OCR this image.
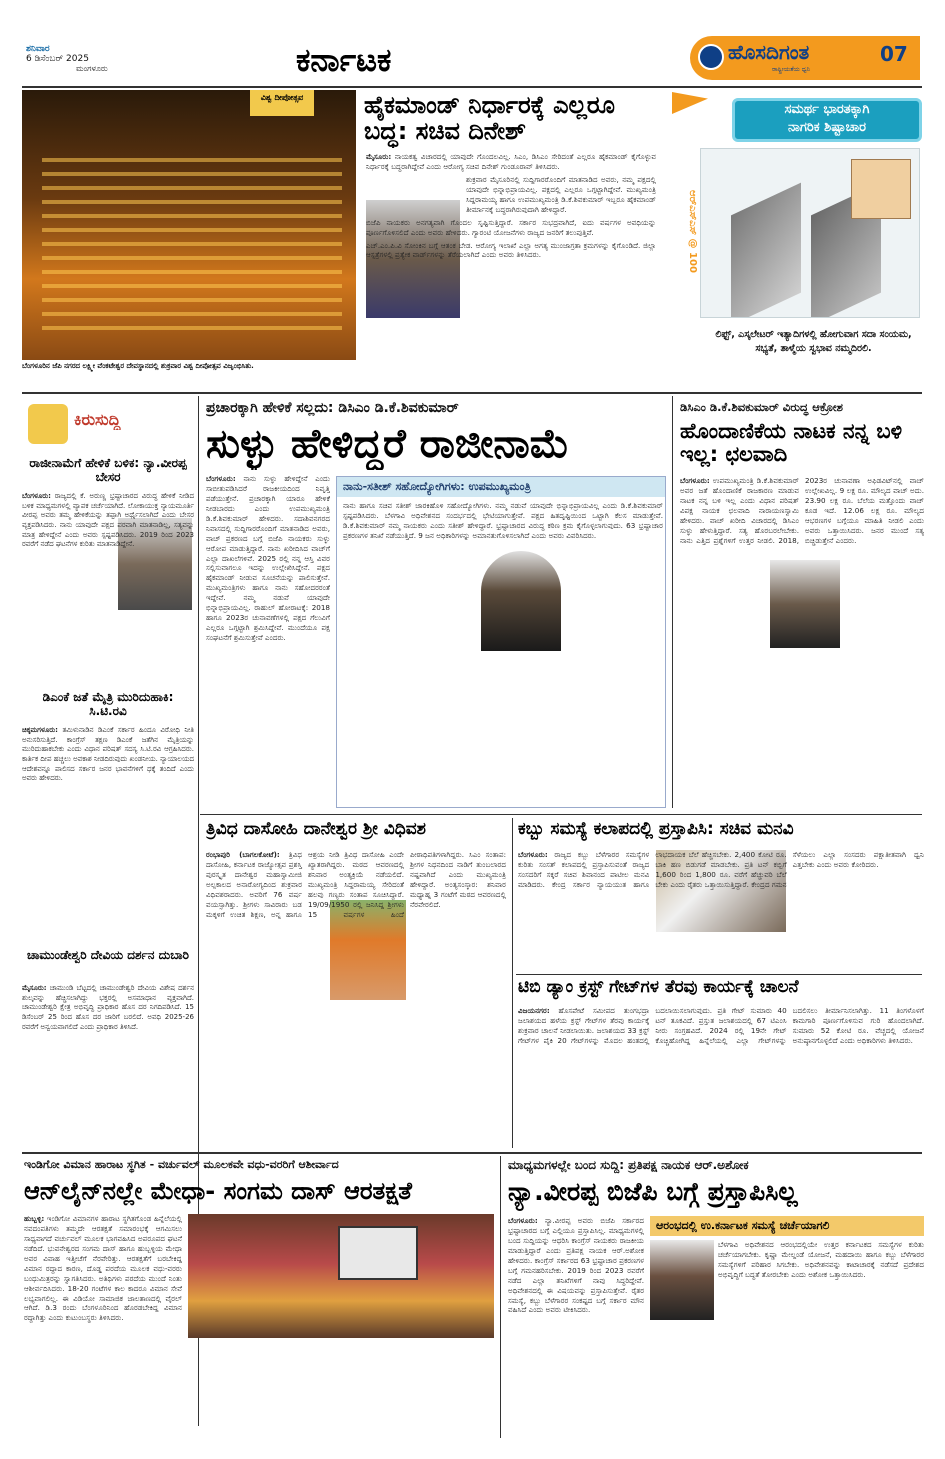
ಶನಿವಾರ
6 ಡಿಸೆಂಬರ್ 2025
ಮಂಗಳೂರು	ಕರ್ನಾಟಕ	ಹೊಸದಿಗಂತ
ರಾಷ್ಟ್ರೀಯತೆಯ ಧ್ವನಿ
07
ವಿಶ್ವ ದೀಪೋತ್ಸವ
ಬೆಂಗಳೂರಿನ ಜೆಪಿ ನಗರದ ಲಕ್ಷ್ಮೀ ವೆಂಕಟೇಶ್ವರ ದೇವಸ್ಥಾನದಲ್ಲಿ ಶುಕ್ರವಾರ ವಿಶ್ವ ದೀಪೋತ್ಸವ ವಿಜೃಂಭಿಸಿತು.
ಹೈಕಮಾಂಡ್ ನಿರ್ಧಾರಕ್ಕೆ ಎಲ್ಲರೂ ಬದ್ಧ: ಸಚಿವ ದಿನೇಶ್

ಮೈಸೂರು: ನಾಯಕತ್ವ ವಿಚಾರದಲ್ಲಿ ಯಾವುದೇ ಗೊಂದಲವಿಲ್ಲ. ಸಿಎಂ, ಡಿಸಿಎಂ ಸೇರಿದಂತೆ ಎಲ್ಲರೂ ಹೈಕಮಾಂಡ್ ಕೈಗೊಳ್ಳುವ ನಿರ್ಧಾರಕ್ಕೆ ಬದ್ಧರಾಗಿದ್ದೇವೆ ಎಂದು ಆರೋಗ್ಯ ಸಚಿವ ದಿನೇಶ್ ಗುಂಡೂರಾವ್ ತಿಳಿಸಿದರು.

ಶುಕ್ರವಾರ ಮೈಸೂರಿನಲ್ಲಿ ಸುದ್ದಿಗಾರರೊಂದಿಗೆ ಮಾತನಾಡಿದ ಅವರು, ನಮ್ಮ ಪಕ್ಷದಲ್ಲಿ ಯಾವುದೇ ಭಿನ್ನಾಭಿಪ್ರಾಯವಿಲ್ಲ. ಪಕ್ಷದಲ್ಲಿ ಎಲ್ಲರೂ ಒಗ್ಗಟ್ಟಾಗಿದ್ದೇವೆ. ಮುಖ್ಯಮಂತ್ರಿ ಸಿದ್ದರಾಮಯ್ಯ ಹಾಗೂ ಉಪಮುಖ್ಯಮಂತ್ರಿ ಡಿ.ಕೆ.ಶಿವಕುಮಾರ್ ಇಬ್ಬರೂ ಹೈಕಮಾಂಡ್ ತೀರ್ಮಾನಕ್ಕೆ ಬದ್ಧರಾಗಿರುವುದಾಗಿ ಹೇಳಿದ್ದಾರೆ.

ಬಿಜೆಪಿ ನಾಯಕರು ಅನಗತ್ಯವಾಗಿ ಗೊಂದಲ ಸೃಷ್ಟಿಸುತ್ತಿದ್ದಾರೆ. ಸರ್ಕಾರ ಸುಭದ್ರವಾಗಿದೆ, ಐದು ವರ್ಷಗಳ ಅವಧಿಯನ್ನು ಪೂರ್ಣಗೊಳಿಸಲಿದೆ ಎಂದು ಅವರು ಹೇಳಿದರು. ಗ್ಯಾರಂಟಿ ಯೋಜನೆಗಳು ರಾಜ್ಯದ ಜನರಿಗೆ ತಲುಪುತ್ತಿವೆ.

ಎಚ್.ಎಂ.ಪಿ.ವಿ ಸೋಂಕಿನ ಬಗ್ಗೆ ಆತಂಕ ಬೇಡ. ಆರೋಗ್ಯ ಇಲಾಖೆ ಎಲ್ಲಾ ಅಗತ್ಯ ಮುಂಜಾಗ್ರತಾ ಕ್ರಮಗಳನ್ನು ಕೈಗೊಂಡಿದೆ. ಜಿಲ್ಲಾ ಆಸ್ಪತ್ರೆಗಳಲ್ಲಿ ಪ್ರತ್ಯೇಕ ವಾರ್ಡ್‌ಗಳನ್ನು ತೆರೆಯಲಾಗಿದೆ ಎಂದು ಅವರು ತಿಳಿಸಿದರು.

ಸಮರ್ಥ ಭಾರತಕ್ಕಾಗಿ
ನಾಗರಿಕ ಶಿಷ್ಟಾಚಾರ
ಆರ್‌ಎಸ್‌ಎಸ್ @ 100
ಲಿಫ್ಟ್, ಎಸ್ಕಲೇಟರ್ ಇತ್ಯಾದಿಗಳಲ್ಲಿ ಹೋಗುವಾಗ ಸದಾ ಸಂಯಮ, ಸಭ್ಯತೆ, ತಾಳ್ಮೆಯ ಸ್ವಭಾವ ನಮ್ಮದಿರಲಿ.
ಕಿರುಸುದ್ದಿ
ರಾಜೀನಾಮೆಗೆ ಹೇಳಿಕೆ ಬಳಿಕ: ನ್ಯಾ.ವೀರಪ್ಪ ಬೇಸರ
ಬೆಂಗಳೂರು: ರಾಜ್ಯದಲ್ಲಿ ಕೆ. ಅರುಣ್ಣ ಭ್ರಷ್ಟಾಚಾರದ ವಿರುದ್ಧ ಹೇಳಿಕೆ ನೀಡಿದ ಬಳಿಕ ಮಾಧ್ಯಮಗಳಲ್ಲಿ ವ್ಯಾಪಕ ಚರ್ಚೆಯಾಗಿದೆ. ಲೋಕಾಯುಕ್ತ ನ್ಯಾಯಮೂರ್ತಿ ವೀರಪ್ಪ ಅವರು ತಮ್ಮ ಹೇಳಿಕೆಯನ್ನು ತಪ್ಪಾಗಿ ಅರ್ಥೈಸಲಾಗಿದೆ ಎಂದು ಬೇಸರ ವ್ಯಕ್ತಪಡಿಸಿದರು. ನಾನು ಯಾವುದೇ ಪಕ್ಷದ ಪರವಾಗಿ ಮಾತನಾಡಿಲ್ಲ, ಸತ್ಯವನ್ನು ಮಾತ್ರ ಹೇಳಿದ್ದೇನೆ ಎಂದು ಅವರು ಸ್ಪಷ್ಟಪಡಿಸಿದರು. 2019 ರಿಂದ 2023 ರವರೆಗೆ ನಡೆದ ಘಟನೆಗಳ ಕುರಿತು ಮಾತನಾಡಿದ್ದೇನೆ.
ಡಿಎಂಕೆ ಜತೆ ಮೈತ್ರಿ ಮುರಿದುಹಾಕಿ: ಸಿ.ಟಿ.ರವಿ
ಚಿಕ್ಕಮಗಳೂರು: ತಮಿಳುನಾಡಿನ ಡಿಎಂಕೆ ಸರ್ಕಾರ ಹಿಂದೂ ವಿರೋಧಿ ನೀತಿ ಅನುಸರಿಸುತ್ತಿದೆ. ಕಾಂಗ್ರೆಸ್ ತಕ್ಷಣ ಡಿಎಂಕೆ ಜತೆಗಿನ ಮೈತ್ರಿಯನ್ನು ಮುರಿದುಹಾಕಬೇಕು ಎಂದು ವಿಧಾನ ಪರಿಷತ್ ಸದಸ್ಯ ಸಿ.ಟಿ.ರವಿ ಆಗ್ರಹಿಸಿದರು. ಕಾರ್ತಿಕ ದೀಪ ಹಚ್ಚಲು ಅವಕಾಶ ನೀಡದಿರುವುದು ಖಂಡನೀಯ. ನ್ಯಾಯಾಲಯದ ಆದೇಶವನ್ನೂ ಪಾಲಿಸದ ಸರ್ಕಾರ ಜನರ ಭಾವನೆಗಳಿಗೆ ಧಕ್ಕೆ ತಂದಿದೆ ಎಂದು ಅವರು ಹೇಳಿದರು.
ಚಾಮುಂಡೇಶ್ವರಿ ದೇವಿಯ ದರ್ಶನ ದುಬಾರಿ
ಮೈಸೂರು: ಚಾಮುಂಡಿ ಬೆಟ್ಟದಲ್ಲಿ ಚಾಮುಂಡೇಶ್ವರಿ ದೇವಿಯ ವಿಶೇಷ ದರ್ಶನ ಶುಲ್ಕವನ್ನು ಹೆಚ್ಚಿಸಲಾಗಿದ್ದು ಭಕ್ತರಲ್ಲಿ ಅಸಮಾಧಾನ ವ್ಯಕ್ತವಾಗಿದೆ. ಚಾಮುಂಡೇಶ್ವರಿ ಕ್ಷೇತ್ರ ಅಭಿವೃದ್ಧಿ ಪ್ರಾಧಿಕಾರ ಹೊಸ ದರ ನಿಗದಿಪಡಿಸಿದೆ. 15 ಡಿಸೆಂಬರ್ 25 ರಿಂದ ಹೊಸ ದರ ಜಾರಿಗೆ ಬರಲಿದೆ. ಅವಧಿ 2025-26 ರವರೆಗೆ ಅನ್ವಯವಾಗಲಿದೆ ಎಂದು ಪ್ರಾಧಿಕಾರ ತಿಳಿಸಿದೆ.
ಪ್ರಚಾರಕ್ಕಾಗಿ ಹೇಳಿಕೆ ಸಲ್ಲದು: ಡಿಸಿಎಂ ಡಿ.ಕೆ.ಶಿವಕುಮಾರ್
ಸುಳ್ಳು ಹೇಳಿದ್ದರೆ ರಾಜೀನಾಮೆ
ಬೆಂಗಳೂರು: ನಾನು ಸುಳ್ಳು ಹೇಳಿದ್ದೇನೆ ಎಂದು ಸಾಬೀತುಪಡಿಸಿದರೆ ರಾಜಕೀಯದಿಂದ ನಿವೃತ್ತಿ ಪಡೆಯುತ್ತೇನೆ. ಪ್ರಚಾರಕ್ಕಾಗಿ ಯಾರೂ ಹೇಳಿಕೆ ನೀಡಬಾರದು ಎಂದು ಉಪಮುಖ್ಯಮಂತ್ರಿ ಡಿ.ಕೆ.ಶಿವಕುಮಾರ್ ಹೇಳಿದರು. ಸದಾಶಿವನಗರದ ನಿವಾಸದಲ್ಲಿ ಸುದ್ದಿಗಾರರೊಂದಿಗೆ ಮಾತನಾಡಿದ ಅವರು, ವಾಚ್ ಪ್ರಕರಣದ ಬಗ್ಗೆ ಬಿಜೆಪಿ ನಾಯಕರು ಸುಳ್ಳು ಆರೋಪ ಮಾಡುತ್ತಿದ್ದಾರೆ. ನಾನು ಖರೀದಿಸಿದ ವಾಚ್‌ಗೆ ಎಲ್ಲಾ ದಾಖಲೆಗಳಿವೆ. 2025 ರಲ್ಲಿ ನನ್ನ ಆಸ್ತಿ ವಿವರ ಸಲ್ಲಿಸುವಾಗಲೂ ಇದನ್ನು ಉಲ್ಲೇಖಿಸಿದ್ದೇನೆ. ಪಕ್ಷದ ಹೈಕಮಾಂಡ್ ನೀಡುವ ಸೂಚನೆಯನ್ನು ಪಾಲಿಸುತ್ತೇನೆ. ಮುಖ್ಯಮಂತ್ರಿಗಳು ಹಾಗೂ ನಾನು ಸಹೋದರರಂತೆ ಇದ್ದೇವೆ. ನಮ್ಮ ನಡುವೆ ಯಾವುದೇ ಭಿನ್ನಾಭಿಪ್ರಾಯವಿಲ್ಲ. ರಾಹುಲ್ ಹೋರಾಟಕ್ಕೆ: 2018 ಹಾಗೂ 2023ರ ಚುನಾವಣೆಗಳಲ್ಲಿ ಪಕ್ಷದ ಗೆಲುವಿಗೆ ಎಲ್ಲರೂ ಒಗ್ಗಟ್ಟಾಗಿ ಶ್ರಮಿಸಿದ್ದೇವೆ. ಮುಂದೆಯೂ ಪಕ್ಷ ಸಂಘಟನೆಗೆ ಶ್ರಮಿಸುತ್ತೇವೆ ಎಂದರು.
ನಾನು-ಸತೀಶ್ ಸಹೋದ್ಯೋಗಿಗಳು: ಉಪಮುಖ್ಯಮಂತ್ರಿ
ನಾನು ಹಾಗೂ ಸಚಿವ ಸತೀಶ್ ಜಾರಕಿಹೊಳಿ ಸಹೋದ್ಯೋಗಿಗಳು. ನಮ್ಮ ನಡುವೆ ಯಾವುದೇ ಭಿನ್ನಾಭಿಪ್ರಾಯವಿಲ್ಲ ಎಂದು ಡಿ.ಕೆ.ಶಿವಕುಮಾರ್ ಸ್ಪಷ್ಟಪಡಿಸಿದರು. ಬೆಳಗಾವಿ ಅಧಿವೇಶನದ ಸಂದರ್ಭದಲ್ಲಿ ಭೇಟಿಯಾಗುತ್ತೇವೆ. ಪಕ್ಷದ ಹಿತದೃಷ್ಟಿಯಿಂದ ಒಟ್ಟಾಗಿ ಕೆಲಸ ಮಾಡುತ್ತೇವೆ. ಡಿ.ಕೆ.ಶಿವಕುಮಾರ್ ನಮ್ಮ ನಾಯಕರು ಎಂದು ಸತೀಶ್ ಹೇಳಿದ್ದಾರೆ. ಭ್ರಷ್ಟಾಚಾರದ ವಿರುದ್ಧ ಕಠಿಣ ಕ್ರಮ ಕೈಗೊಳ್ಳಲಾಗುವುದು. 63 ಭ್ರಷ್ಟಾಚಾರ ಪ್ರಕರಣಗಳ ತನಿಖೆ ನಡೆಯುತ್ತಿದೆ. 9 ಜನ ಅಧಿಕಾರಿಗಳನ್ನು ಅಮಾನತುಗೊಳಿಸಲಾಗಿದೆ ಎಂದು ಅವರು ವಿವರಿಸಿದರು.
ಡಿಸಿಎಂ ಡಿ.ಕೆ.ಶಿವಕುಮಾರ್ ವಿರುದ್ಧ ಆಕ್ರೋಶ
ಹೊಂದಾಣಿಕೆಯ ನಾಟಕ ನನ್ನ ಬಳಿ ಇಲ್ಲ: ಛಲವಾದಿ
ಬೆಂಗಳೂರು: ಉಪಮುಖ್ಯಮಂತ್ರಿ ಡಿ.ಕೆ.ಶಿವಕುಮಾರ್ ಅವರ ಜತೆ ಹೊಂದಾಣಿಕೆ ರಾಜಕಾರಣ ಮಾಡುವ ನಾಟಕ ನನ್ನ ಬಳಿ ಇಲ್ಲ ಎಂದು ವಿಧಾನ ಪರಿಷತ್ ವಿಪಕ್ಷ ನಾಯಕ ಛಲವಾದಿ ನಾರಾಯಣಸ್ವಾಮಿ ಹೇಳಿದರು. ವಾಚ್ ಖರೀದಿ ವಿಚಾರದಲ್ಲಿ ಡಿಸಿಎಂ ಸುಳ್ಳು ಹೇಳುತ್ತಿದ್ದಾರೆ. ಸತ್ಯ ಹೊರಬರಲೇಬೇಕು. ನಾನು ಎತ್ತಿದ ಪ್ರಶ್ನೆಗಳಿಗೆ ಉತ್ತರ ನೀಡಲಿ. 2018, 2023ರ ಚುನಾವಣಾ ಅಫಿಡವಿಟ್‌ನಲ್ಲಿ ವಾಚ್ ಉಲ್ಲೇಖವಿಲ್ಲ. 9 ಲಕ್ಷ ರೂ. ಮೌಲ್ಯದ ವಾಚ್ ಅದು. 23.90 ಲಕ್ಷ ರೂ. ಬೆಲೆಯ ಮತ್ತೊಂದು ವಾಚ್ ಕೂಡ ಇದೆ. 12.06 ಲಕ್ಷ ರೂ. ಮೌಲ್ಯದ ಆಭರಣಗಳ ಬಗ್ಗೆಯೂ ಮಾಹಿತಿ ನೀಡಲಿ ಎಂದು ಅವರು ಒತ್ತಾಯಿಸಿದರು. ಜನರ ಮುಂದೆ ಸತ್ಯ ಬಿಚ್ಚಿಡುತ್ತೇನೆ ಎಂದರು.
ತ್ರಿವಿಧ ದಾಸೋಹಿ ದಾನೇಶ್ವರ ಶ್ರೀ ವಿಧಿವಶ
ರಂಭಾಪುರಿ (ಬಾಗಲಕೋಟೆ): ತ್ರಿವಿಧ ದಾಸೋಹಿ, ಕರ್ನಾಟಕ ರಾಜ್ಯೋತ್ಸವ ಪ್ರಶಸ್ತಿ ಪುರಸ್ಕೃತ ದಾನೇಶ್ವರ ಮಹಾಸ್ವಾಮೀಜಿ ಅಲ್ಪಕಾಲದ ಅನಾರೋಗ್ಯದಿಂದ ಶುಕ್ರವಾರ ವಿಧಿವಶರಾದರು. ಅವರಿಗೆ 76 ವರ್ಷ ವಯಸ್ಸಾಗಿತ್ತು. ಶ್ರೀಗಳು ಸಾವಿರಾರು ಬಡ ಮಕ್ಕಳಿಗೆ ಉಚಿತ ಶಿಕ್ಷಣ, ಅನ್ನ ಹಾಗೂ ಆಶ್ರಯ ನೀಡಿ ತ್ರಿವಿಧ ದಾಸೋಹಿ ಎಂದೇ ಖ್ಯಾತರಾಗಿದ್ದರು. ಮಠದ ಆವರಣದಲ್ಲಿ ಶನಿವಾರ ಅಂತ್ಯಕ್ರಿಯೆ ನಡೆಯಲಿದೆ. ಮುಖ್ಯಮಂತ್ರಿ ಸಿದ್ದರಾಮಯ್ಯ ಸೇರಿದಂತೆ ಹಲವು ಗಣ್ಯರು ಸಂತಾಪ ಸೂಚಿಸಿದ್ದಾರೆ. 19/09/1950 ರಲ್ಲಿ ಜನಿಸಿದ್ದ ಶ್ರೀಗಳು 15 ವರ್ಷಗಳ ಹಿಂದೆ ಪೀಠಾಧಿಪತಿಗಳಾಗಿದ್ದರು. ಸಿಎಂ ಸಂತಾಪ: ಶ್ರೀಗಳ ನಿಧನದಿಂದ ನಾಡಿಗೆ ತುಂಬಲಾರದ ನಷ್ಟವಾಗಿದೆ ಎಂದು ಮುಖ್ಯಮಂತ್ರಿ ಹೇಳಿದ್ದಾರೆ. ಅಂತ್ಯಸಂಸ್ಕಾರ: ಶನಿವಾರ ಮಧ್ಯಾಹ್ನ 3 ಗಂಟೆಗೆ ಮಠದ ಆವರಣದಲ್ಲಿ ನೆರವೇರಲಿದೆ.
ಕಬ್ಬು ಸಮಸ್ಯೆ ಕಲಾಪದಲ್ಲಿ ಪ್ರಸ್ತಾಪಿಸಿ: ಸಚಿವ ಮನವಿ
ಬೆಂಗಳೂರು: ರಾಜ್ಯದ ಕಬ್ಬು ಬೆಳೆಗಾರರ ಸಮಸ್ಯೆಗಳ ಕುರಿತು ಸಂಸತ್ ಕಲಾಪದಲ್ಲಿ ಪ್ರಸ್ತಾಪಿಸುವಂತೆ ರಾಜ್ಯದ ಸಂಸದರಿಗೆ ಸಕ್ಕರೆ ಸಚಿವ ಶಿವಾನಂದ ಪಾಟೀಲ ಮನವಿ ಮಾಡಿದರು. ಕೇಂದ್ರ ಸರ್ಕಾರ ನ್ಯಾಯಯುತ ಹಾಗೂ ಲಾಭದಾಯಕ ಬೆಲೆ ಹೆಚ್ಚಿಸಬೇಕು. 2,400 ಕೋಟಿ ರೂ. ಬಾಕಿ ಹಣ ಬಿಡುಗಡೆ ಮಾಡಬೇಕು. ಪ್ರತಿ ಟನ್ ಕಬ್ಬಿಗೆ 1,600 ರಿಂದ 1,800 ರೂ. ವರೆಗೆ ಹೆಚ್ಚುವರಿ ಬೆಲೆ ಬೇಕು ಎಂದು ರೈತರು ಒತ್ತಾಯಿಸುತ್ತಿದ್ದಾರೆ. ಕೇಂದ್ರದ ಗಮನ ಸೆಳೆಯಲು ಎಲ್ಲಾ ಸಂಸದರು ಪಕ್ಷಾತೀತವಾಗಿ ಧ್ವನಿ ಎತ್ತಬೇಕು ಎಂದು ಅವರು ಕೋರಿದರು.
ಟಿಬಿ ಡ್ಯಾಂ ಕ್ರಸ್ಟ್ ಗೇಟ್‌ಗಳ ತೆರವು ಕಾರ್ಯಕ್ಕೆ ಚಾಲನೆ
ವಿಜಯನಗರ: ಹೊಸಪೇಟೆ ಸಮೀಪದ ತುಂಗಭದ್ರಾ ಜಲಾಶಯದ ಹಳೆಯ ಕ್ರಸ್ಟ್ ಗೇಟ್‌ಗಳ ತೆರವು ಕಾರ್ಯಕ್ಕೆ ಶುಕ್ರವಾರ ಚಾಲನೆ ನೀಡಲಾಯಿತು. ಜಲಾಶಯದ 33 ಕ್ರಸ್ಟ್ ಗೇಟ್‌ಗಳ ಪೈಕಿ 20 ಗೇಟ್‌ಗಳನ್ನು ಮೊದಲ ಹಂತದಲ್ಲಿ ಬದಲಾಯಿಸಲಾಗುವುದು. ಪ್ರತಿ ಗೇಟ್ ಸುಮಾರು 40 ಟನ್ ತೂಕವಿದೆ. ಪ್ರಸ್ತುತ ಜಲಾಶಯದಲ್ಲಿ 67 ಟಿಎಂಸಿ ನೀರು ಸಂಗ್ರಹವಿದೆ. 2024 ರಲ್ಲಿ 19ನೇ ಗೇಟ್ ಕೊಚ್ಚಿಹೋಗಿದ್ದ ಹಿನ್ನೆಲೆಯಲ್ಲಿ ಎಲ್ಲಾ ಗೇಟ್‌ಗಳನ್ನು ಬದಲಿಸಲು ತೀರ್ಮಾನಿಸಲಾಗಿತ್ತು. 11 ತಿಂಗಳೊಳಗೆ ಕಾಮಗಾರಿ ಪೂರ್ಣಗೊಳಿಸುವ ಗುರಿ ಹೊಂದಲಾಗಿದೆ. ಸುಮಾರು 52 ಕೋಟಿ ರೂ. ವೆಚ್ಚದಲ್ಲಿ ಯೋಜನೆ ಅನುಷ್ಠಾನಗೊಳ್ಳಲಿದೆ ಎಂದು ಅಧಿಕಾರಿಗಳು ತಿಳಿಸಿದರು.
ಇಂಡಿಗೋ ವಿಮಾನ ಹಾರಾಟ ಸ್ಥಗಿತ - ವರ್ಚುವಲ್ ಮೂಲಕವೇ ವಧು-ವರರಿಗೆ ಆಶೀರ್ವಾದ
ಆನ್‌ಲೈನ್‌ನಲ್ಲೇ ಮೇಧಾ- ಸಂಗಮ ದಾಸ್ ಆರತಕ್ಷತೆ
ಹುಬ್ಬಳ್ಳಿ: ಇಂಡಿಗೋ ವಿಮಾನಗಳ ಹಾರಾಟ ಸ್ಥಗಿತಗೊಂಡ ಹಿನ್ನೆಲೆಯಲ್ಲಿ ನವದಂಪತಿಗಳು ತಮ್ಮದೇ ಆರತಕ್ಷತೆ ಸಮಾರಂಭಕ್ಕೆ ಆಗಮಿಸಲು ಸಾಧ್ಯವಾಗದೆ ವರ್ಚುವಲ್ ಮೂಲಕ ಭಾಗವಹಿಸಿದ ಅಪರೂಪದ ಘಟನೆ ನಡೆದಿದೆ. ಭುವನೇಶ್ವರದ ಸಂಗಮ ದಾಸ್ ಹಾಗೂ ಹುಬ್ಬಳ್ಳಿಯ ಮೇಧಾ ಅವರ ವಿವಾಹ ಇತ್ತೀಚೆಗೆ ನೆರವೇರಿತ್ತು. ಆರತಕ್ಷತೆಗೆ ಬರಬೇಕಿದ್ದ ವಿಮಾನ ರದ್ದಾದ ಕಾರಣ, ದೊಡ್ಡ ಪರದೆಯ ಮೂಲಕ ವಧು-ವರರು ಬಂಧುಮಿತ್ರರನ್ನು ಸ್ವಾಗತಿಸಿದರು. ಅತಿಥಿಗಳು ಪರದೆಯ ಮುಂದೆ ನಿಂತು ಆಶೀರ್ವದಿಸಿದರು. 18-20 ಗಂಟೆಗಳ ಕಾಲ ಕಾದರೂ ವಿಮಾನ ಸೇವೆ ಲಭ್ಯವಾಗಲಿಲ್ಲ. ಈ ವಿಡಿಯೋ ಸಾಮಾಜಿಕ ಜಾಲತಾಣದಲ್ಲಿ ವೈರಲ್ ಆಗಿದೆ. ಡಿ.3 ರಂದು ಬೆಂಗಳೂರಿನಿಂದ ಹೊರಡಬೇಕಿದ್ದ ವಿಮಾನ ರದ್ದಾಗಿತ್ತು ಎಂದು ಕುಟುಂಬಸ್ಥರು ತಿಳಿಸಿದರು.
ಮಾಧ್ಯಮಗಳಲ್ಲೇ ಬಂದ ಸುದ್ದಿ: ಪ್ರತಿಪಕ್ಷ ನಾಯಕ ಆರ್.ಅಶೋಕ
ನ್ಯಾ.ವೀರಪ್ಪ ಬಿಜೆಪಿ ಬಗ್ಗೆ ಪ್ರಸ್ತಾಪಿಸಿಲ್ಲ
ಬೆಂಗಳೂರು: ನ್ಯಾ.ವೀರಪ್ಪ ಅವರು ಬಿಜೆಪಿ ಸರ್ಕಾರದ ಭ್ರಷ್ಟಾಚಾರದ ಬಗ್ಗೆ ಎಲ್ಲಿಯೂ ಪ್ರಸ್ತಾಪಿಸಿಲ್ಲ. ಮಾಧ್ಯಮಗಳಲ್ಲಿ ಬಂದ ಸುದ್ದಿಯನ್ನು ಆಧರಿಸಿ ಕಾಂಗ್ರೆಸ್ ನಾಯಕರು ರಾಜಕೀಯ ಮಾಡುತ್ತಿದ್ದಾರೆ ಎಂದು ಪ್ರತಿಪಕ್ಷ ನಾಯಕ ಆರ್.ಅಶೋಕ ಹೇಳಿದರು. ಕಾಂಗ್ರೆಸ್ ಸರ್ಕಾರದ 63 ಭ್ರಷ್ಟಾಚಾರ ಪ್ರಕರಣಗಳ ಬಗ್ಗೆ ಗಮನಹರಿಸಬೇಕು. 2019 ರಿಂದ 2023 ರವರೆಗೆ ನಡೆದ ಎಲ್ಲಾ ತನಿಖೆಗಳಿಗೆ ನಾವು ಸಿದ್ಧರಿದ್ದೇವೆ. ಅಧಿವೇಶನದಲ್ಲಿ ಈ ವಿಷಯವನ್ನು ಪ್ರಸ್ತಾಪಿಸುತ್ತೇವೆ. ರೈತರ ಸಮಸ್ಯೆ, ಕಬ್ಬು ಬೆಳೆಗಾರರ ಸಂಕಷ್ಟದ ಬಗ್ಗೆ ಸರ್ಕಾರ ಮೌನ ವಹಿಸಿದೆ ಎಂದು ಅವರು ಟೀಕಿಸಿದರು.
ಆರಂಭದಲ್ಲಿ ಉ.ಕರ್ನಾಟಕ ಸಮಸ್ಯೆ ಚರ್ಚೆಯಾಗಲಿ
ಬೆಳಗಾವಿ ಅಧಿವೇಶನದ ಆರಂಭದಲ್ಲಿಯೇ ಉತ್ತರ ಕರ್ನಾಟಕದ ಸಮಸ್ಯೆಗಳ ಕುರಿತು ಚರ್ಚೆಯಾಗಬೇಕು. ಕೃಷ್ಣಾ ಮೇಲ್ದಂಡೆ ಯೋಜನೆ, ಮಹದಾಯಿ ಹಾಗೂ ಕಬ್ಬು ಬೆಳೆಗಾರರ ಸಮಸ್ಯೆಗಳಿಗೆ ಪರಿಹಾರ ಸಿಗಬೇಕು. ಅಧಿವೇಶನವನ್ನು ಕಾಟಾಚಾರಕ್ಕೆ ನಡೆಸದೆ ಪ್ರದೇಶದ ಅಭಿವೃದ್ಧಿಗೆ ಬದ್ಧತೆ ತೋರಬೇಕು ಎಂದು ಅಶೋಕ ಒತ್ತಾಯಿಸಿದರು.
